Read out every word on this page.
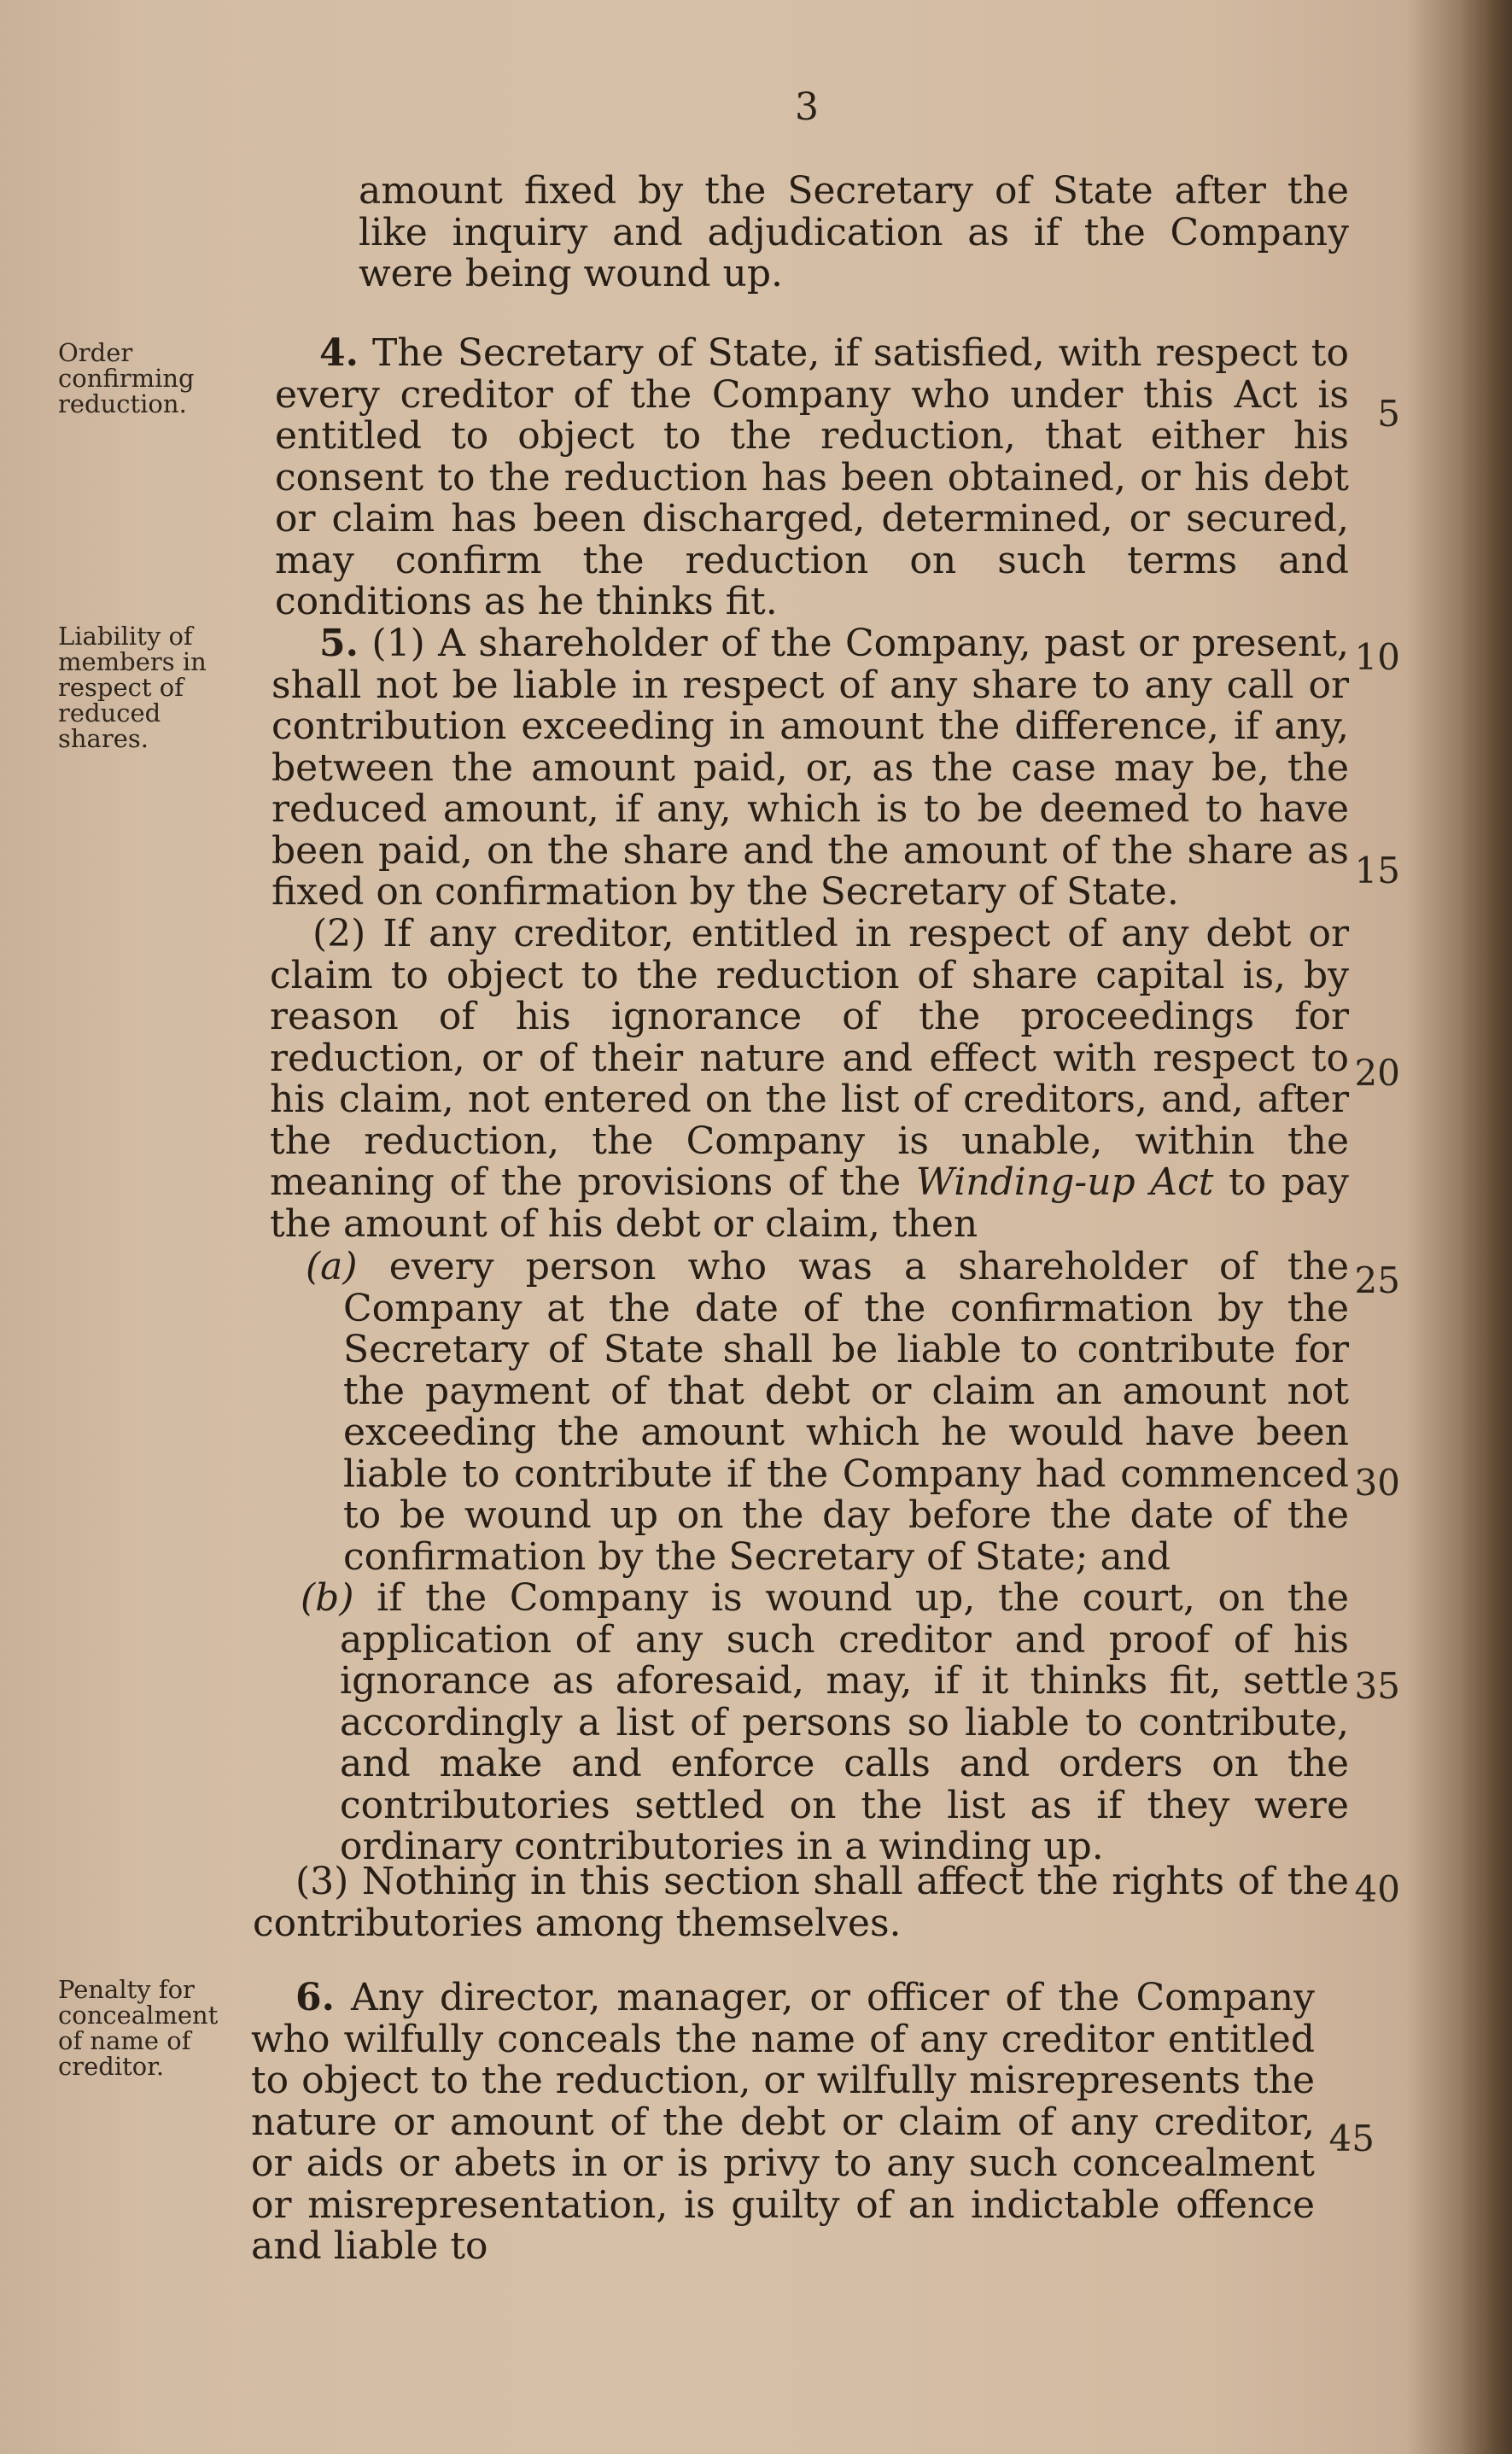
3
amount fixed by the Secretary of State after the like inquiry and adjudication as if the Company were being wound up.
Order confirming reduction.
4. The Secretary of State, if satisfied, with respect to every creditor of the Company who under this Act is entitled to object to the reduction, that either his consent to the reduction has been obtained, or his debt or claim has been discharged, determined, or secured, may confirm the reduction on such terms and conditions as he thinks fit.
Liability of members in respect of reduced shares.
5. (1) A shareholder of the Company, past or present, shall not be liable in respect of any share to any call or contribution exceeding in amount the difference, if any, between the amount paid, or, as the case may be, the reduced amount, if any, which is to be deemed to have been paid, on the share and the amount of the share as fixed on confirmation by the Secretary of State.
(2) If any creditor, entitled in respect of any debt or claim to object to the reduction of share capital is, by reason of his ignorance of the proceedings for reduction, or of their nature and effect with respect to his claim, not entered on the list of creditors, and, after the reduction, the Company is unable, within the meaning of the provisions of the Winding-up Act to pay the amount of his debt or claim, then
(a) every person who was a shareholder of the Company at the date of the confirmation by the Secretary of State shall be liable to contribute for the payment of that debt or claim an amount not exceeding the amount which he would have been liable to contribute if the Company had commenced to be wound up on the day before the date of the confirmation by the Secretary of State; and
(b) if the Company is wound up, the court, on the application of any such creditor and proof of his ignorance as aforesaid, may, if it thinks fit, settle accordingly a list of persons so liable to contribute, and make and enforce calls and orders on the contributories settled on the list as if they were ordinary contributories in a winding up.
(3) Nothing in this section shall affect the rights of the contributories among themselves.
Penalty for concealment of name of creditor.
6. Any director, manager, or officer of the Company who wilfully conceals the name of any creditor entitled to object to the reduction, or wilfully misrepresents the nature or amount of the debt or claim of any creditor, or aids or abets in or is privy to any such concealment or misrepresentation, is guilty of an indictable offence and liable to
5
10
15
20
25
30
35
40
45
